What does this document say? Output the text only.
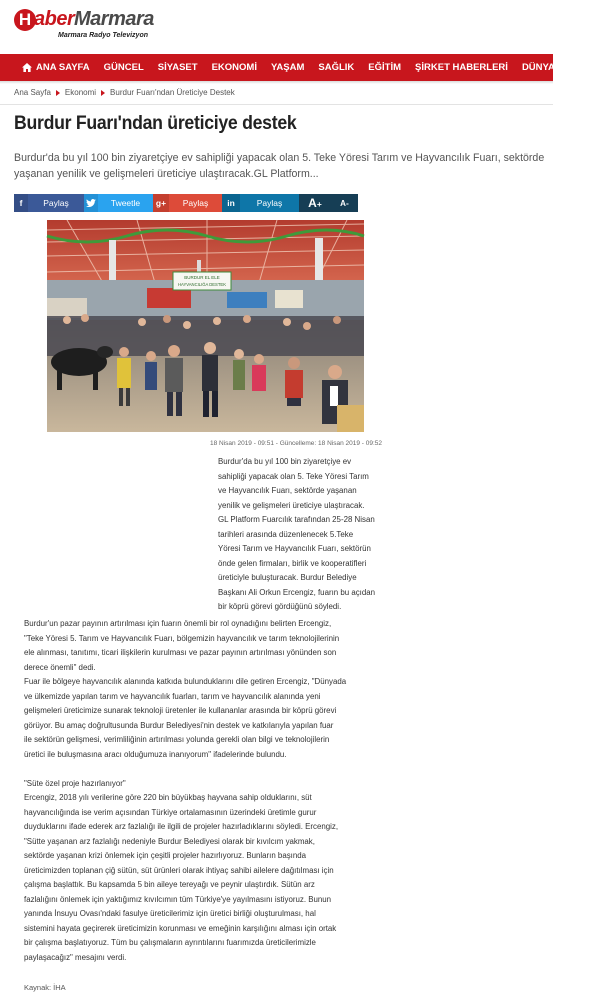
H aber Marmara
Marmara Radyo Televizyon
ANA SAYFA GÜNCEL SİYASET EKONOMİ YAŞAM SAĞLIK EĞİTİM ŞİRKET HABERLERİ DÜNYA SPOR
Ana Sayfa Ekonomi Burdur Fuarı'ndan Üreticiye Destek
Burdur Fuarı'ndan üreticiye destek

Burdur'da bu yıl 100 bin ziyaretçiye ev sahipliği yapacak olan 5. Teke Yöresi Tarım ve Hayvancılık Fuarı, sektörde yaşanan yenilik ve gelişmeleri üreticiye ulaştıracak.GL Platform...

f	Paylaş	Tweetle	g+	Paylaş	in	Paylaş	A+ A-
BURDUR EL ELE
HAYVANCILIĞA DESTEK
18 Nisan 2019 - 09:51 - Güncelleme: 18 Nisan 2019 - 09:52
Burdur'da bu yıl 100 bin ziyaretçiye ev
sahipliği yapacak olan 5. Teke Yöresi Tarım
ve Hayvancılık Fuarı, sektörde yaşanan
yenilik ve gelişmeleri üreticiye ulaştıracak.
GL Platform Fuarcılık tarafından 25-28 Nisan
tarihleri arasında düzenlenecek 5.Teke
Yöresi Tarım ve Hayvancılık Fuarı, sektörün
önde gelen firmaları, birlik ve kooperatifleri
üreticiyle buluşturacak. Burdur Belediye
Başkanı Ali Orkun Ercengiz, fuarın bu açıdan
bir köprü görevi gördüğünü söyledi.
Burdur'un pazar payının artırılması için fuarın önemli bir rol oynadığını belirten Ercengiz,
"Teke Yöresi 5. Tarım ve Hayvancılık Fuarı, bölgemizin hayvancılık ve tarım teknolojilerinin
ele alınması, tanıtımı, ticari ilişkilerin kurulması ve pazar payının artırılması yönünden son
derece önemli" dedi.
Fuar ile bölgeye hayvancılık alanında katkıda bulunduklarını dile getiren Ercengiz, "Dünyada
ve ülkemizde yapılan tarım ve hayvancılık fuarları, tarım ve hayvancılık alanında yeni
gelişmeleri üreticimize sunarak teknoloji üretenler ile kullananlar arasında bir köprü görevi
görüyor. Bu amaç doğrultusunda Burdur Belediyesi'nin destek ve katkılarıyla yapılan fuar
ile sektörün gelişmesi, verimliliğinin artırılması yolunda gerekli olan bilgi ve teknolojilerin
üretici ile buluşmasına aracı olduğumuza inanıyorum" ifadelerinde bulundu.
"Süte özel proje hazırlanıyor"
Ercengiz, 2018 yılı verilerine göre 220 bin büyükbaş hayvana sahip olduklarını, süt
hayvancılığında ise verim açısından Türkiye ortalamasının üzerindeki üretimle gurur
duyduklarını ifade ederek arz fazlalığı ile ilgili de projeler hazırladıklarını söyledi. Ercengiz,
"Sütte yaşanan arz fazlalığı nedeniyle Burdur Belediyesi olarak bir kıvılcım yakmak,
sektörde yaşanan krizi önlemek için çeşitli projeler hazırlıyoruz. Bunların başında
üreticimizden toplanan çiğ sütün, süt ürünleri olarak ihtiyaç sahibi ailelere dağıtılması için
çalışma başlattık. Bu kapsamda 5 bin aileye tereyağı ve peynir ulaştırdık. Sütün arz
fazlalığını önlemek için yaktığımız kıvılcımın tüm Türkiye'ye yayılmasını istiyoruz. Bunun
yanında İnsuyu Ovası'ndaki fasulye üreticilerimiz için üretici birliği oluşturulması, hal
sistemini hayata geçirerek üreticimizin korunması ve emeğinin karşılığını alması için ortak
bir çalışma başlatıyoruz. Tüm bu çalışmaların ayrıntılarını fuarımızda üreticilerimizle
paylaşacağız" mesajını verdi.
Kaynak: İHA
